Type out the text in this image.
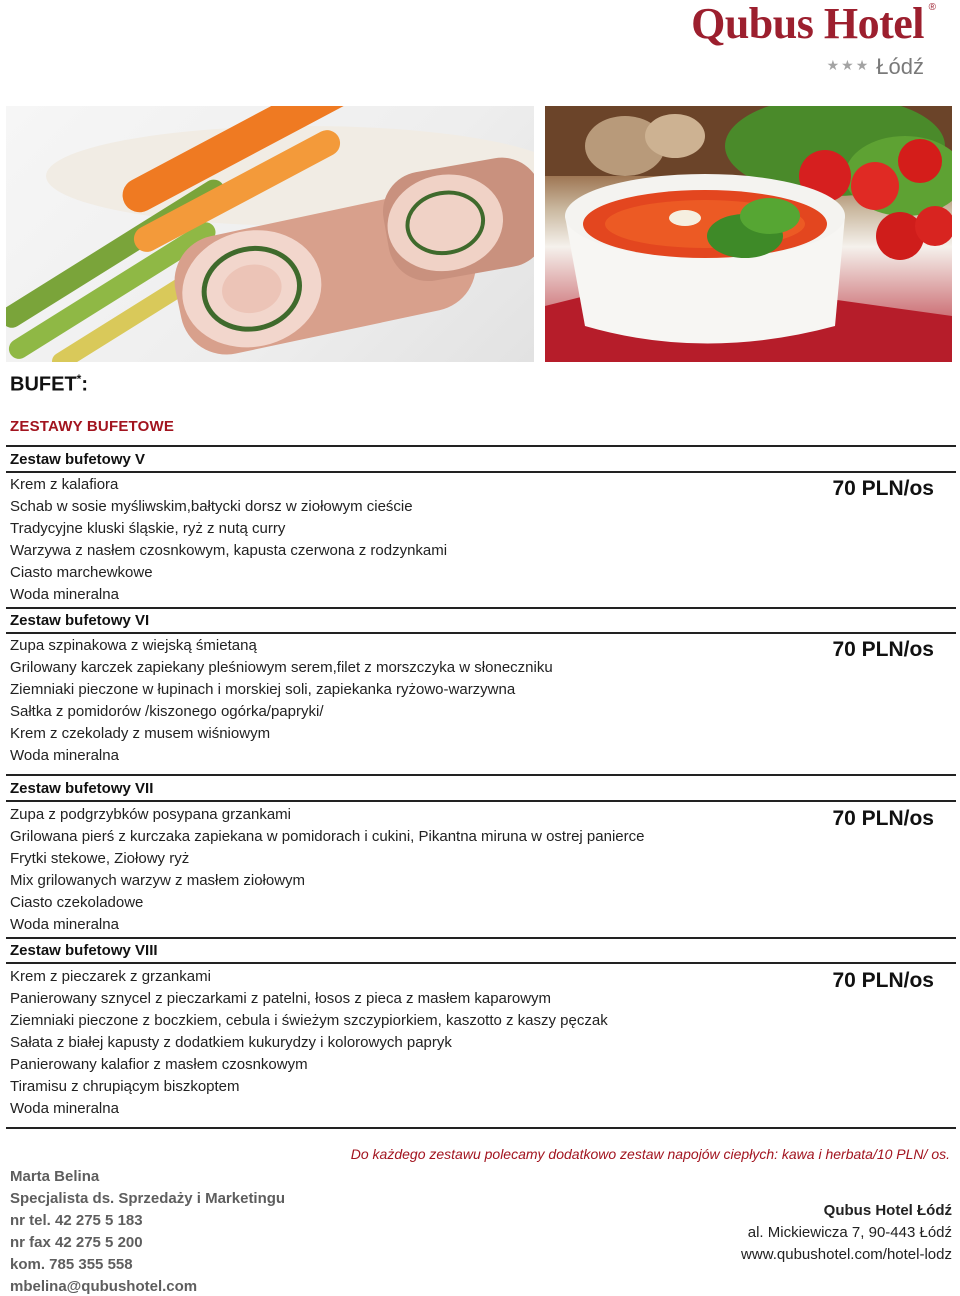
Qubus Hotel ®
★★★ Łódź
BUFET*:
ZESTAWY BUFETOWE
Zestaw bufetowy V
Krem z kalafiora
Schab w sosie myśliwskim,bałtycki dorsz w ziołowym cieście
Tradycyjne kluski śląskie, ryż z nutą curry
Warzywa z nasłem czosnkowym, kapusta czerwona z rodzynkami
Ciasto marchewkowe
Woda mineralna
70 PLN/os
Zestaw bufetowy VI
Zupa szpinakowa z wiejską śmietaną
Grilowany karczek zapiekany pleśniowym serem,filet z morszczyka w słoneczniku
Ziemniaki pieczone w łupinach i morskiej soli, zapiekanka ryżowo-warzywna
Sałtka z pomidorów /kiszonego ogórka/papryki/
Krem z czekolady z musem wiśniowym
Woda mineralna
70 PLN/os
Zestaw bufetowy VII
Zupa z podgrzybków posypana grzankami
Grilowana pierś z kurczaka zapiekana w pomidorach i cukini, Pikantna miruna w ostrej panierce
Frytki stekowe, Ziołowy ryż
Mix grilowanych warzyw z masłem ziołowym
Ciasto czekoladowe
Woda mineralna
70 PLN/os
Zestaw bufetowy VIII
Krem z pieczarek z grzankami
Panierowany sznycel z pieczarkami z patelni, łosos z pieca z masłem kaparowym
Ziemniaki pieczone z boczkiem, cebula i świeżym szczypiorkiem, kaszotto z kaszy pęczak
Sałata z białej kapusty z dodatkiem kukurydzy i kolorowych papryk
Panierowany kalafior z masłem czosnkowym
Tiramisu z chrupiącym biszkoptem
Woda mineralna
70 PLN/os
Do każdego zestawu polecamy dodatkowo zestaw napojów ciepłych: kawa i herbata/10 PLN/ os.
Marta Belina
Specjalista ds. Sprzedaży i Marketingu
nr tel. 42 275 5 183
nr fax 42 275 5 200
kom. 785 355 558
mbelina@qubushotel.com
Qubus Hotel Łódź
al. Mickiewicza 7, 90-443 Łódź
www.qubushotel.com/hotel-lodz
